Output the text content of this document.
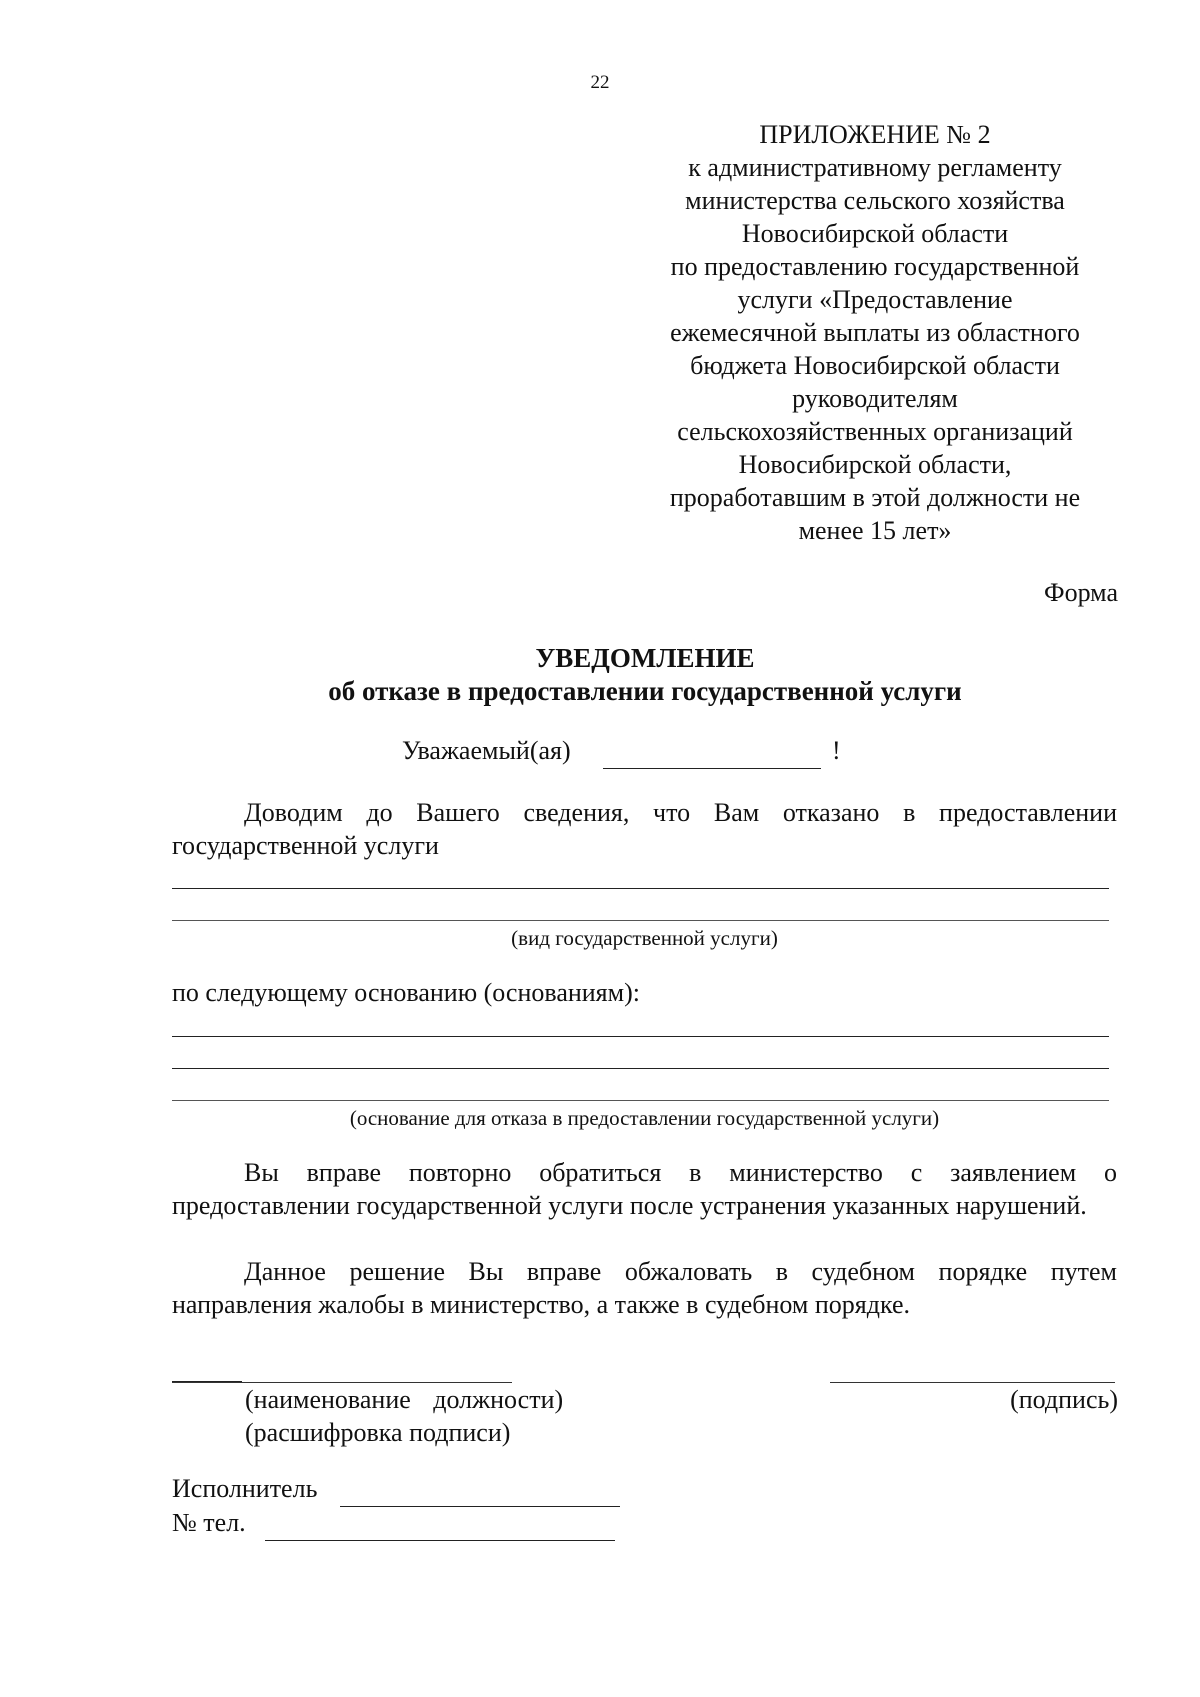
22
ПРИЛОЖЕНИЕ № 2
к административному регламенту
министерства сельского хозяйства
Новосибирской области
по предоставлению государственной
услуги «Предоставление
ежемесячной выплаты из областного
бюджета Новосибирской области
руководителям
сельскохозяйственных организаций
Новосибирской области,
проработавшим в этой должности не
менее 15 лет»
Форма
УВЕДОМЛЕНИЕ
об отказе в предоставлении государственной услуги
Уважаемый(ая)	!
Доводим до Вашего сведения, что Вам отказано в предоставлении государственной услуги
(вид государственной услуги)
по следующему основанию (основаниям):
(основание для отказа в предоставлении государственной услуги)
Вы вправе повторно обратиться в министерство с заявлением о предоставлении государственной услуги после устранения указанных нарушений.
Данное решение Вы вправе обжаловать в судебном порядке путем направления жалобы в министерство, а также в судебном порядке.
(наименование должности)	(подпись)
(расшифровка подписи)
Исполнитель
№ тел.
